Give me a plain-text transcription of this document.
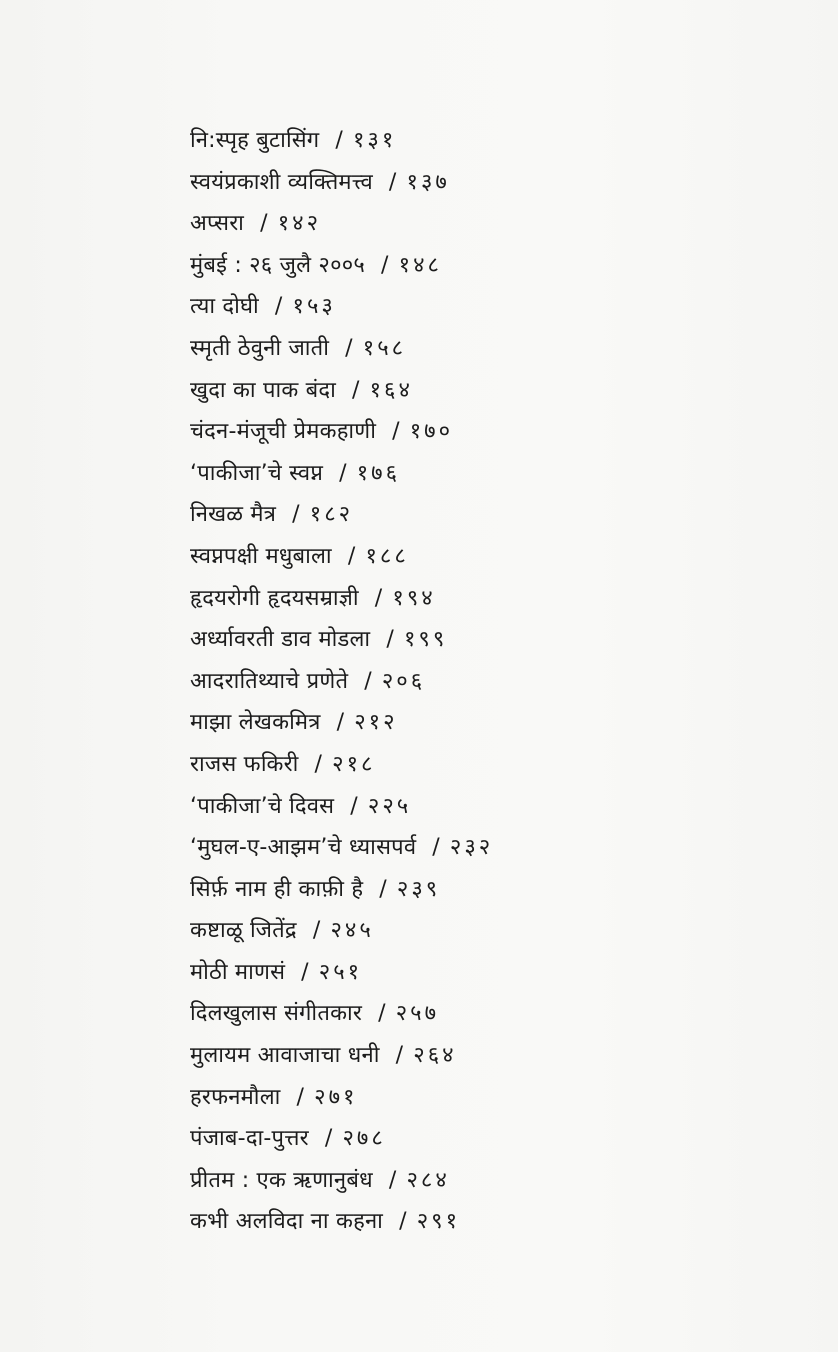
नि:स्पृह बुटासिंग / १३१
स्वयंप्रकाशी व्यक्तिमत्त्व / १३७
अप्सरा / १४२
मुंबई : २६ जुलै २००५ / १४८
त्या दोघी / १५३
स्मृती ठेवुनी जाती / १५८
खुदा का पाक बंदा / १६४
चंदन-मंजूची प्रेमकहाणी / १७०
‘पाकीजा’चे स्वप्न / १७६
निखळ मैत्र / १८२
स्वप्नपक्षी मधुबाला / १८८
हृदयरोगी हृदयसम्राज्ञी / १९४
अर्ध्यावरती डाव मोडला / १९९
आदरातिथ्याचे प्रणेते / २०६
माझा लेखकमित्र / २१२
राजस फकिरी / २१८
‘पाकीजा’चे दिवस / २२५
‘मुघल-ए-आझम’चे ध्यासपर्व / २३२
सिर्फ़ नाम ही काफ़ी है / २३९
कष्टाळू जितेंद्र / २४५
मोठी माणसं / २५१
दिलखुलास संगीतकार / २५७
मुलायम आवाजाचा धनी / २६४
हरफनमौला / २७१
पंजाब-दा-पुत्तर / २७८
प्रीतम : एक ऋणानुबंध / २८४
कभी अलविदा ना कहना / २९१
